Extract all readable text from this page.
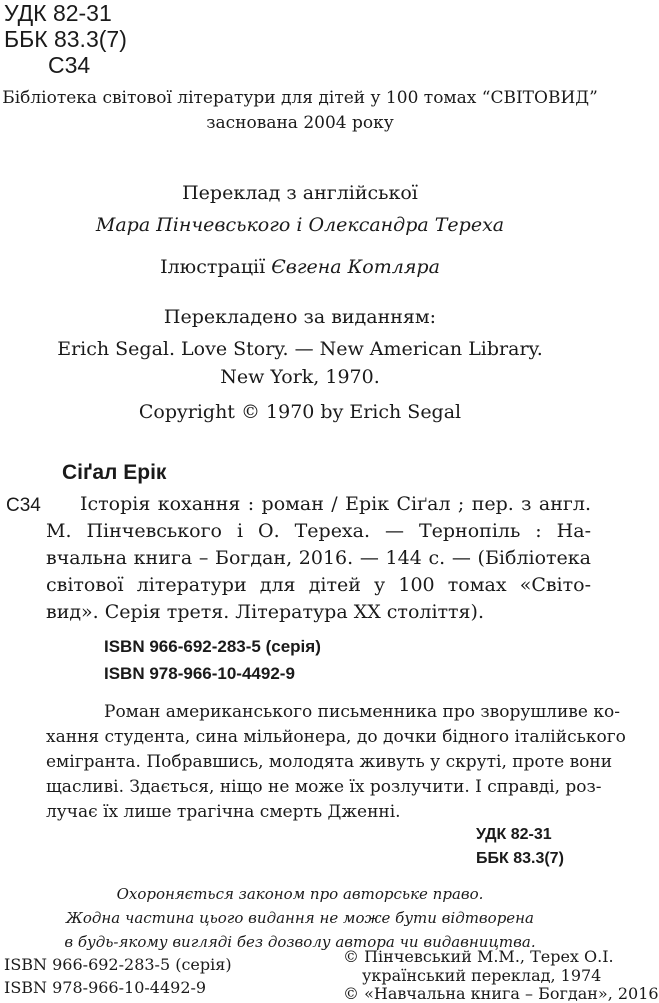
УДК 82-31
ББК 83.3(7)
С34
Бібліотека світової літератури для дітей у 100 томах “СВІТОВИД”
заснована 2004 року
Переклад з англійської
Мара Пінчевського і Олександра Тереха
Ілюстрації Євгена Котляра
Перекладено за виданням:
Erich Segal. Love Story. — New American Library.
New York, 1970.
Copyright © 1970 by Erich Segal
Сіґал Ерік
С34 Історія кохання : роман / Ерік Сіґал ; пер. з англ.
М. Пінчевського і О. Тереха. — Тернопіль : На-
вчальна книга – Богдан, 2016. — 144 с. — (Бібліотека
світової літератури для дітей у 100 томах «Світо-
вид». Серія третя. Література XX століття).
ISBN 966-692-283-5 (серія)
ISBN 978-966-10-4492-9
Роман американського письменника про зворушливе ко-
хання студента, сина мільйонера, до дочки бідного італійського
емігранта. Побравшись, молодята живуть у скруті, проте вони
щасливі. Здається, ніщо не може їх розлучити. І справді, роз-
лучає їх лише трагічна смерть Дженні.
УДК 82-31
ББК 83.3(7)
Охороняється законом про авторське право.
Жодна частина цього видання не може бути відтворена
в будь-якому вигляді без дозволу автора чи видавництва.
ISBN 966-692-283-5 (серія)
ISBN 978-966-10-4492-9
© Пінчевський М.М., Терех О.І.
український переклад, 1974
© «Навчальна книга – Богдан», 2016
